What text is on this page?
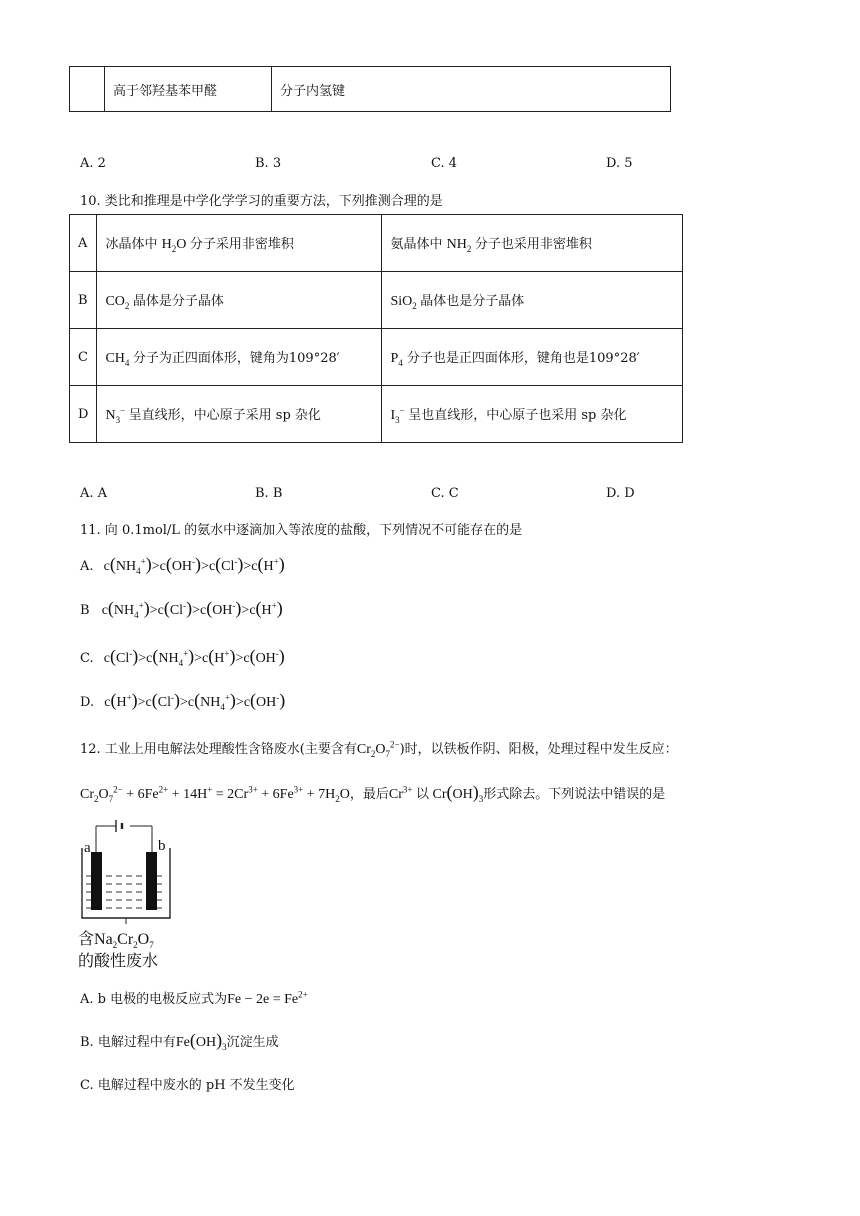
	高于邻羟基苯甲醛	分子内氢键
A. 2	B. 3	C. 4	D. 5
10. 类比和推理是中学化学学习的重要方法，下列推测合理的是
A	冰晶体中 $H_2O$ 分子采用非密堆积	氨晶体中 $NH_2$ 分子也采用非密堆积
B	$CO_2$ 晶体是分子晶体	SiO$_2$ 晶体也是分子晶体
C	$CH_4$ 分子为正四面体形，键角为109°28′	$P_4$ 分子也是正四面体形，键角也是109°28′
D	$N_3^-$ 呈直线形，中心原子采用 sp 杂化	$I_3^-$ 呈也直线形，中心原子也采用 sp 杂化
A. A	B. B	C. C	D. D
11. 向 0.1mol/L 的氨水中逐滴加入等浓度的盐酸，下列情况不可能存在的是
A. $c(NH_4^+)>c(OH^-)>c(Cl^-)>c(H^+)$
B $c(NH_4^+)>c(Cl^-)>c(OH^-)>c(H^+)$
C. $c(Cl^-)>c(NH_4^+)>c(H^+)>c(OH^-)$
D. $c(H^+)>c(Cl^-)>c(NH_4^+)>c(OH^-)$
12. 工业上用电解法处理酸性含铬废水(主要含有$Cr_2O_7^{2-}$)时，以铁板作阴、阳极，处理过程中发生反应：
$Cr_2O_7^{2-} + 6Fe^{2+} + 14H^+ = 2Cr^{3+} + 6Fe^{3+} + 7H_2O$，最后$Cr^{3+}$ 以 $Cr(OH)_3$形式除去。下列说法中错误的是
a	b
含$Na_2Cr_2O_7$
的酸性废水
A. b 电极的电极反应式为$Fe - 2e = Fe^{2+}$
B. 电解过程中有$Fe(OH)_3$沉淀生成
C. 电解过程中废水的 pH 不发生变化
